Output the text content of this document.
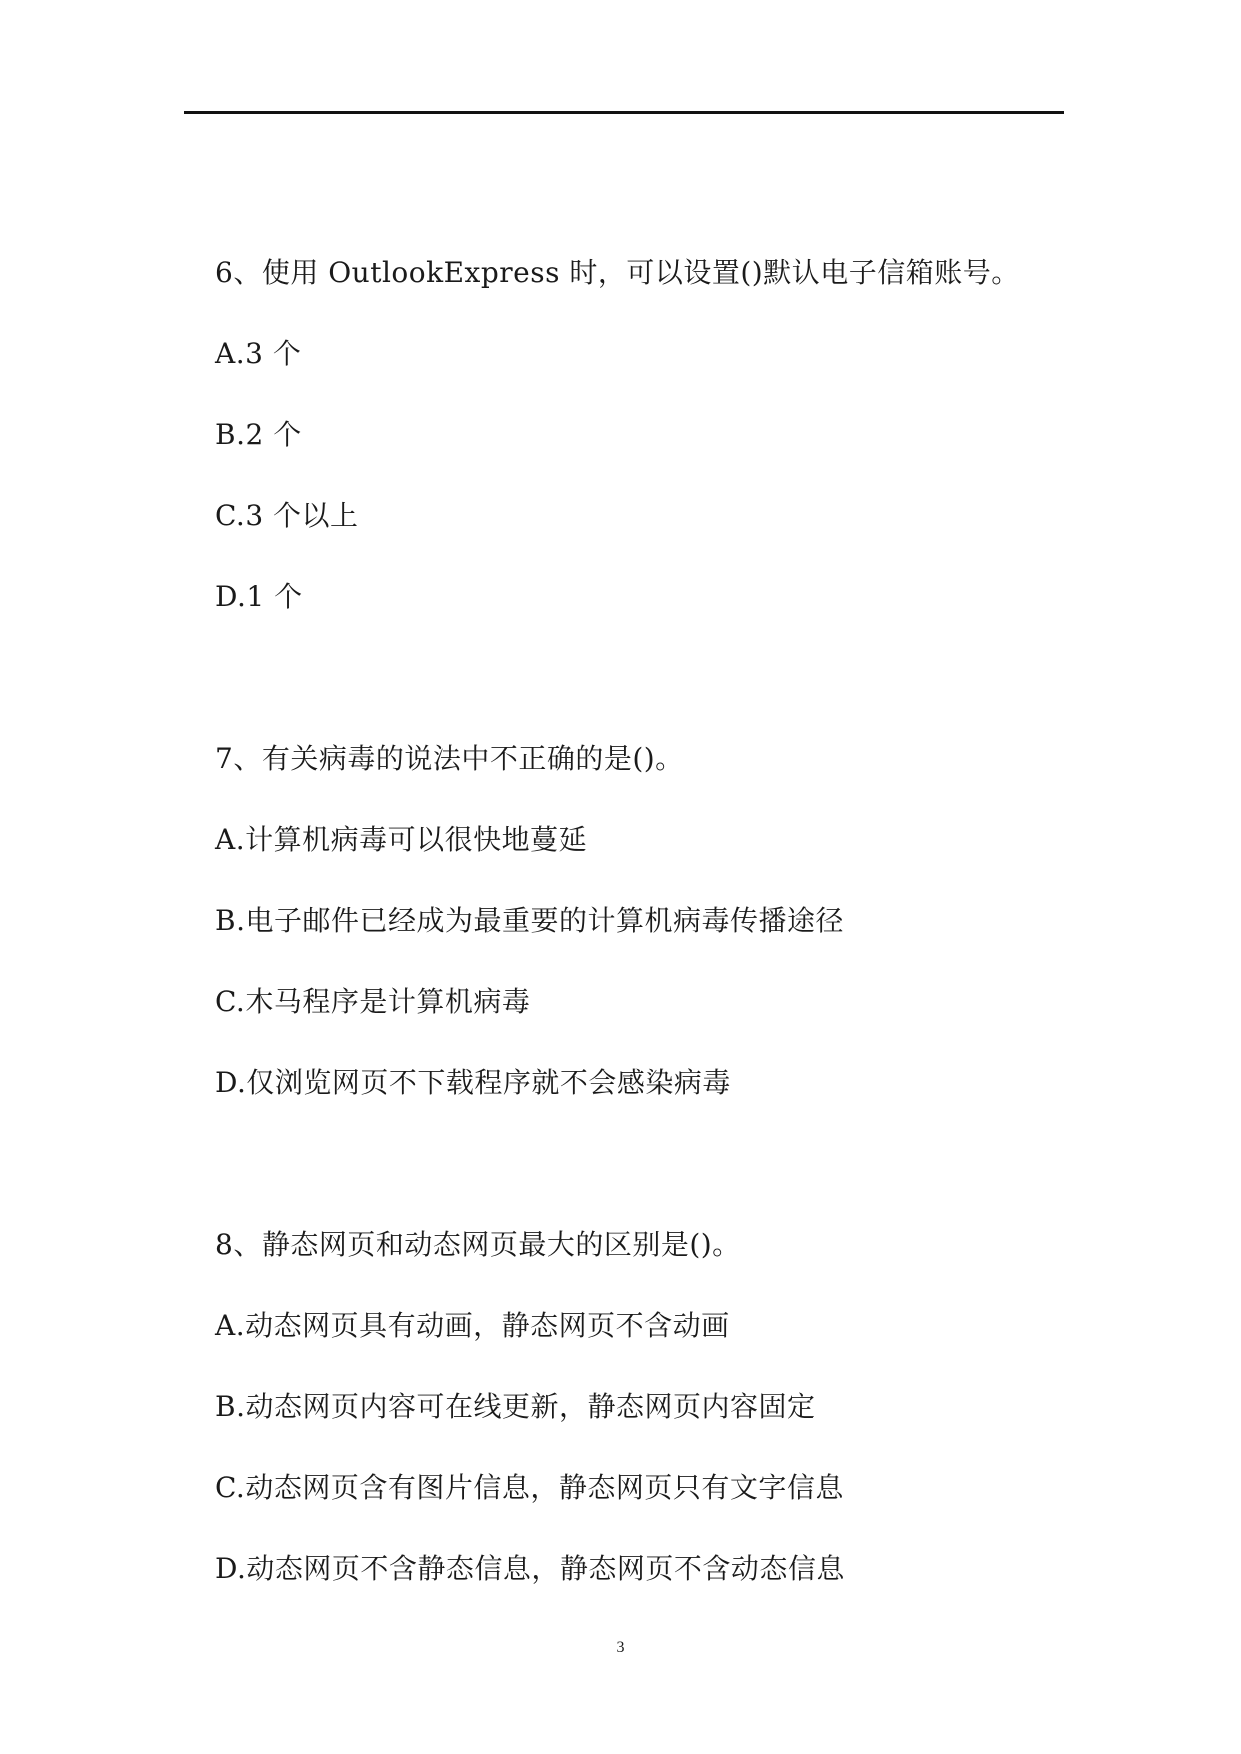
6、使用 OutlookExpress 时，可以设置()默认电子信箱账号。
A.3 个
B.2 个
C.3 个以上
D.1 个
7、有关病毒的说法中不正确的是()。
A.计算机病毒可以很快地蔓延
B.电子邮件已经成为最重要的计算机病毒传播途径
C.木马程序是计算机病毒
D.仅浏览网页不下载程序就不会感染病毒
8、静态网页和动态网页最大的区别是()。
A.动态网页具有动画，静态网页不含动画
B.动态网页内容可在线更新，静态网页内容固定
C.动态网页含有图片信息，静态网页只有文字信息
D.动态网页不含静态信息，静态网页不含动态信息
3
